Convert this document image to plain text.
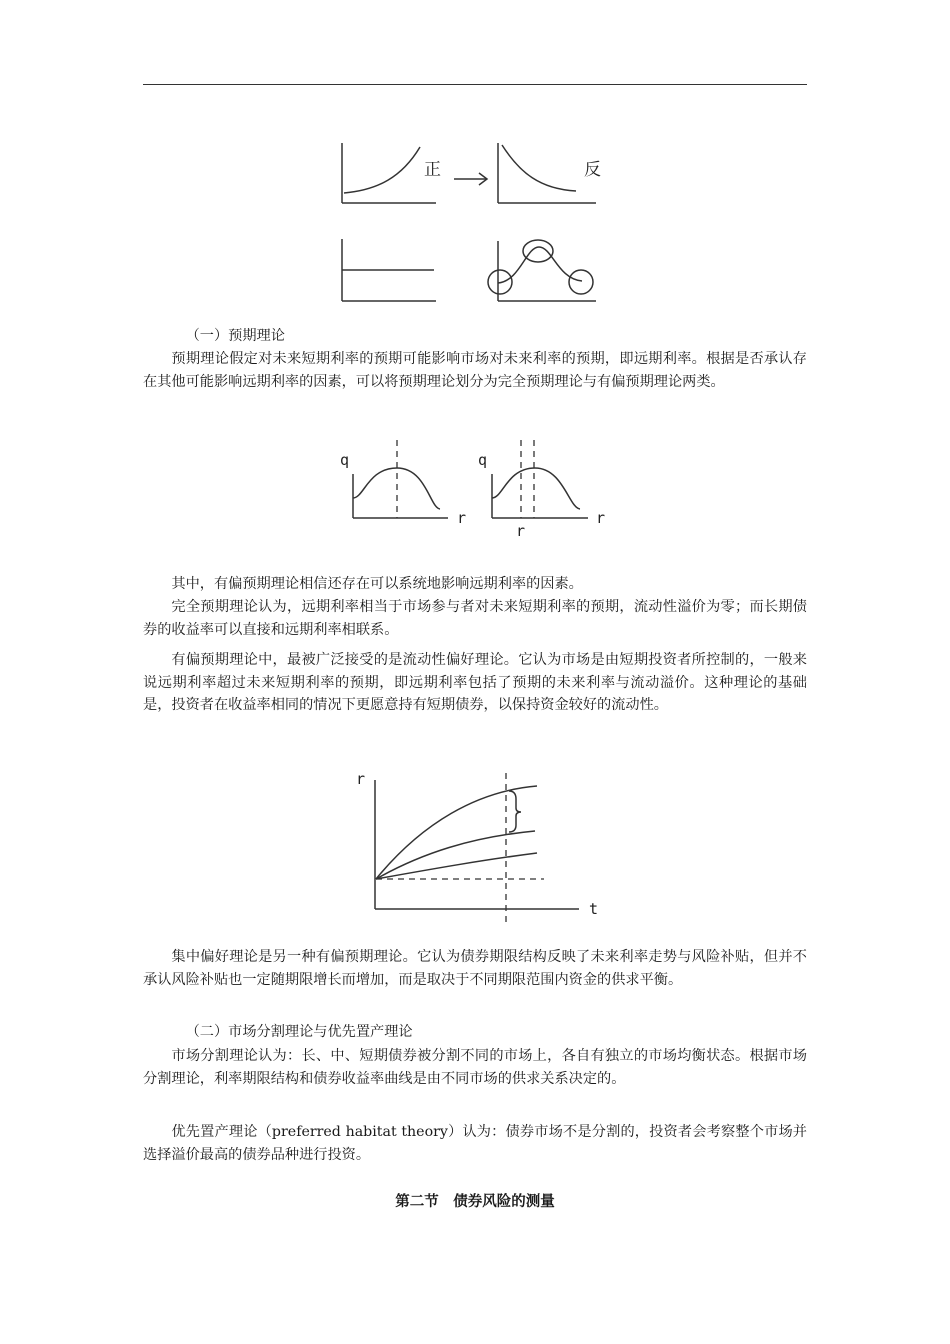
正	反

（一）预期理论

预期理论假定对未来短期利率的预期可能影响市场对未来利率的预期，即远期利率。根据是否承认存在其他可能影响远期利率的因素，可以将预期理论划分为完全预期理论与有偏预期理论两类。

q
r
q
r
r

其中，有偏预期理论相信还存在可以系统地影响远期利率的因素。

完全预期理论认为，远期利率相当于市场参与者对未来短期利率的预期，流动性溢价为零；而长期债券的收益率可以直接和远期利率相联系。

有偏预期理论中，最被广泛接受的是流动性偏好理论。它认为市场是由短期投资者所控制的，一般来说远期利率超过未来短期利率的预期，即远期利率包括了预期的未来利率与流动溢价。这种理论的基础是，投资者在收益率相同的情况下更愿意持有短期债券，以保持资金较好的流动性。

r
t

集中偏好理论是另一种有偏预期理论。它认为债券期限结构反映了未来利率走势与风险补贴，但并不承认风险补贴也一定随期限增长而增加，而是取决于不同期限范围内资金的供求平衡。

（二）市场分割理论与优先置产理论

市场分割理论认为：长、中、短期债券被分割不同的市场上，各自有独立的市场均衡状态。根据市场分割理论，利率期限结构和债券收益率曲线是由不同市场的供求关系决定的。

优先置产理论（preferred habitat theory）认为：债券市场不是分割的，投资者会考察整个市场并选择溢价最高的债券品种进行投资。

第二节　债券风险的测量
